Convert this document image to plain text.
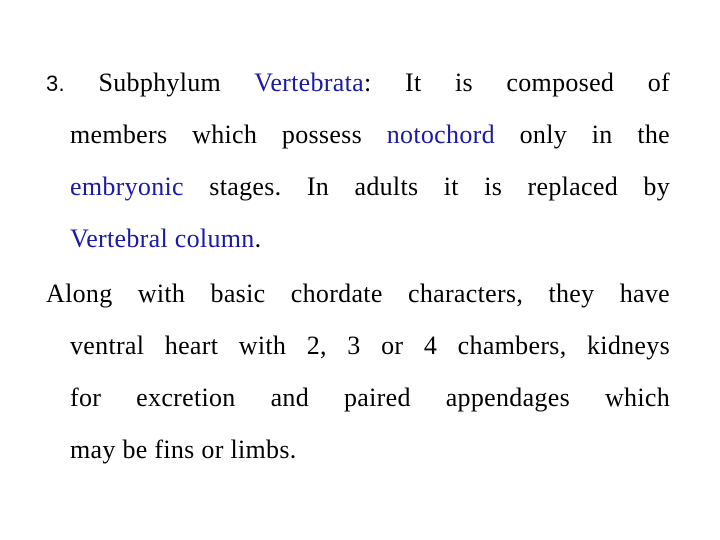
3. Subphylum Vertebrata: It is composed of

members which possess notochord only in the

embryonic stages. In adults it is replaced by

Vertebral column.

Along with basic chordate characters, they have

ventral heart with 2, 3 or 4 chambers, kidneys

for excretion and paired appendages which

may be fins or limbs.
